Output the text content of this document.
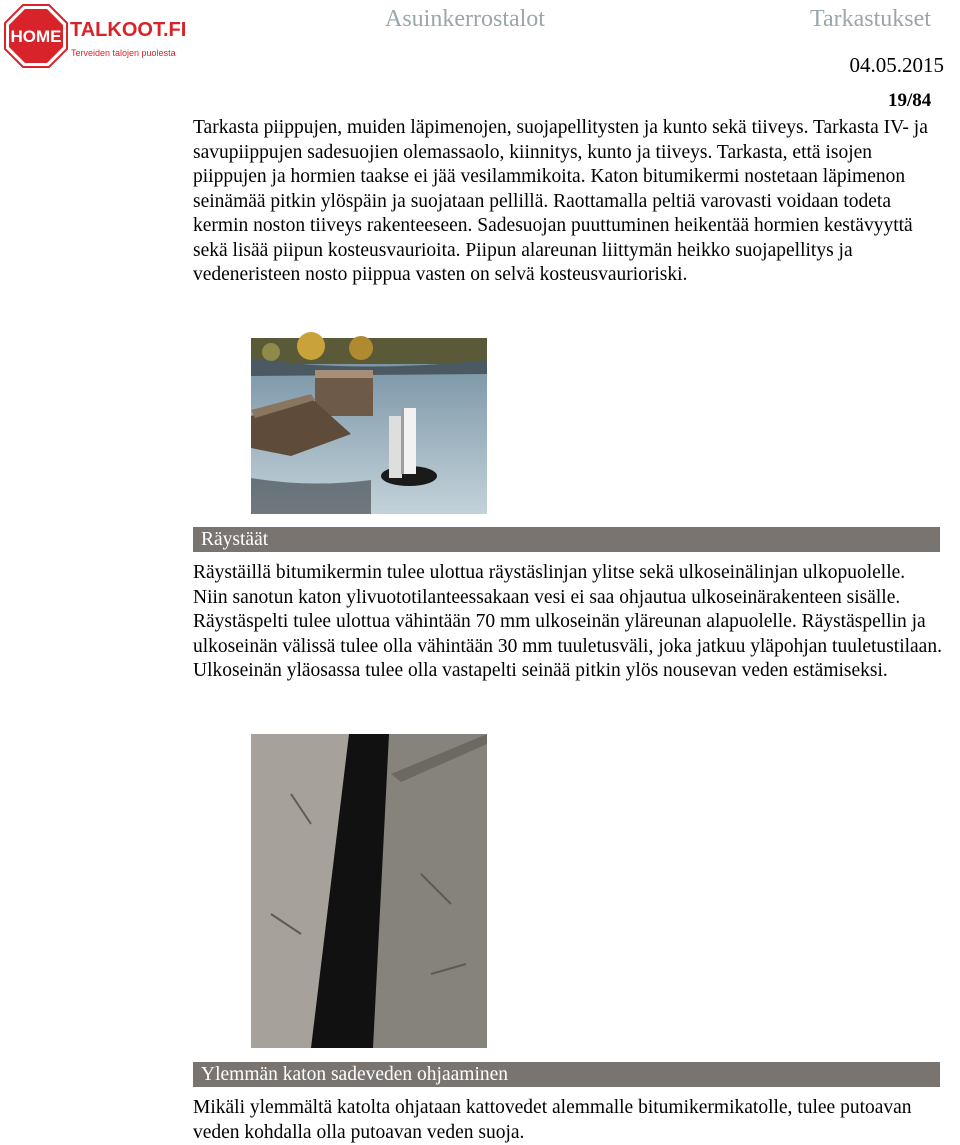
HOME TALKOOT.FI
Terveiden talojen puolesta
Asuinkerrostalot	Tarkastukset
04.05.2015
19/84

Tarkasta piippujen, muiden läpimenojen, suojapellitysten ja kunto sekä tiiveys. Tarkasta IV- ja savupiippujen sadesuojien olemassaolo, kiinnitys, kunto ja tiiveys. Tarkasta, että isojen piippujen ja hormien taakse ei jää vesilammikoita. Katon bitumikermi nostetaan läpimenon seinämää pitkin ylöspäin ja suojataan pellillä. Raottamalla peltiä varovasti voidaan todeta kermin noston tiiveys rakenteeseen. Sadesuojan puuttuminen heikentää hormien kestävyyttä sekä lisää piipun kosteusvaurioita. Piipun alareunan liittymän heikko suojapellitys ja vedeneristeen nosto piippua vasten on selvä kosteusvaurioriski.

Räystäät

Räystäillä bitumikermin tulee ulottua räystäslinjan ylitse sekä ulkoseinälinjan ulkopuolelle. Niin sanotun katon ylivuototilanteessakaan vesi ei saa ohjautua ulkoseinärakenteen sisälle. Räystäspelti tulee ulottua vähintään 70 mm ulkoseinän yläreunan alapuolelle. Räystäspellin ja ulkoseinän välissä tulee olla vähintään 30 mm tuuletusväli, joka jatkuu yläpohjan tuuletustilaan. Ulkoseinän yläosassa tulee olla vastapelti seinää pitkin ylös nousevan veden estämiseksi.

Ylemmän katon sadeveden ohjaaminen

Mikäli ylemmältä katolta ohjataan kattovedet alemmalle bitumikermikatolle, tulee putoavan veden kohdalla olla putoavan veden suoja.
